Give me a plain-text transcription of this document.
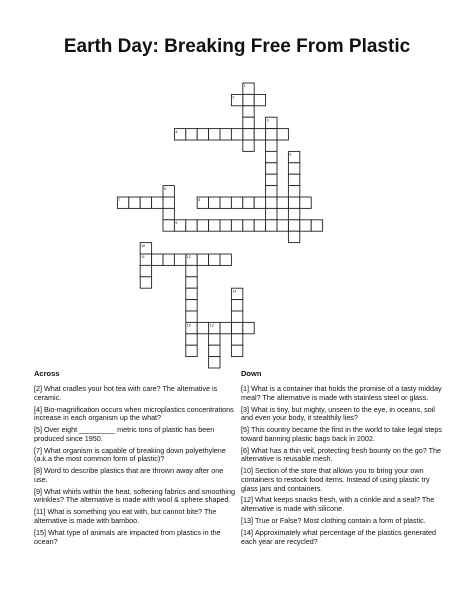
Earth Day: Breaking Free From Plastic
1
2
3
4
5
6
7	8
9
10
11	12
13
14
15
Across	Down
[2] What cradles your hot tea with care? The alternative is ceramic.
[4] Bio-magnification occurs when microplastics concentrations increase in each organism up the what?
[5] Over eight _________ metric tons of plastic has been produced since 1950.
[7] What organism is capable of breaking down polyethylene (a.k.a the most common form of plastic)?
[8] Word to describe plastics that are thrown away after one use.
[9] What whirls within the heat, softening fabrics and smoothing wrinkles? The alternative is made with wool & sphere shaped.
[11] What is something you eat with, but cannot bite? The alternative is made with bamboo.
[15] What type of animals are impacted from plastics in the ocean?
[1] What is a container that holds the promise of a tasty midday meal? The alternative is made with stainless steel or glass.
[3] What is tiny, but mighty, unseen to the eye, in oceans, soil and even your body, it stealthily lies?
[5] This country became the first in the world to take legal steps toward banning plastic bags back in 2002.
[6] What has a thin veil, protecting fresh bounty on the go? The alternative is reusable mesh.
[10] Section of the store that allows you to bring your own containers to restock food items. Instead of using plastic try glass jars and containers.
[12] What keeps snacks fresh, with a crinkle and a seal? The alternative is made with silicone.
[13] True or False? Most clothing contain a form of plastic.
[14] Approximately what percentage of the plastics generated each year are recycled?
